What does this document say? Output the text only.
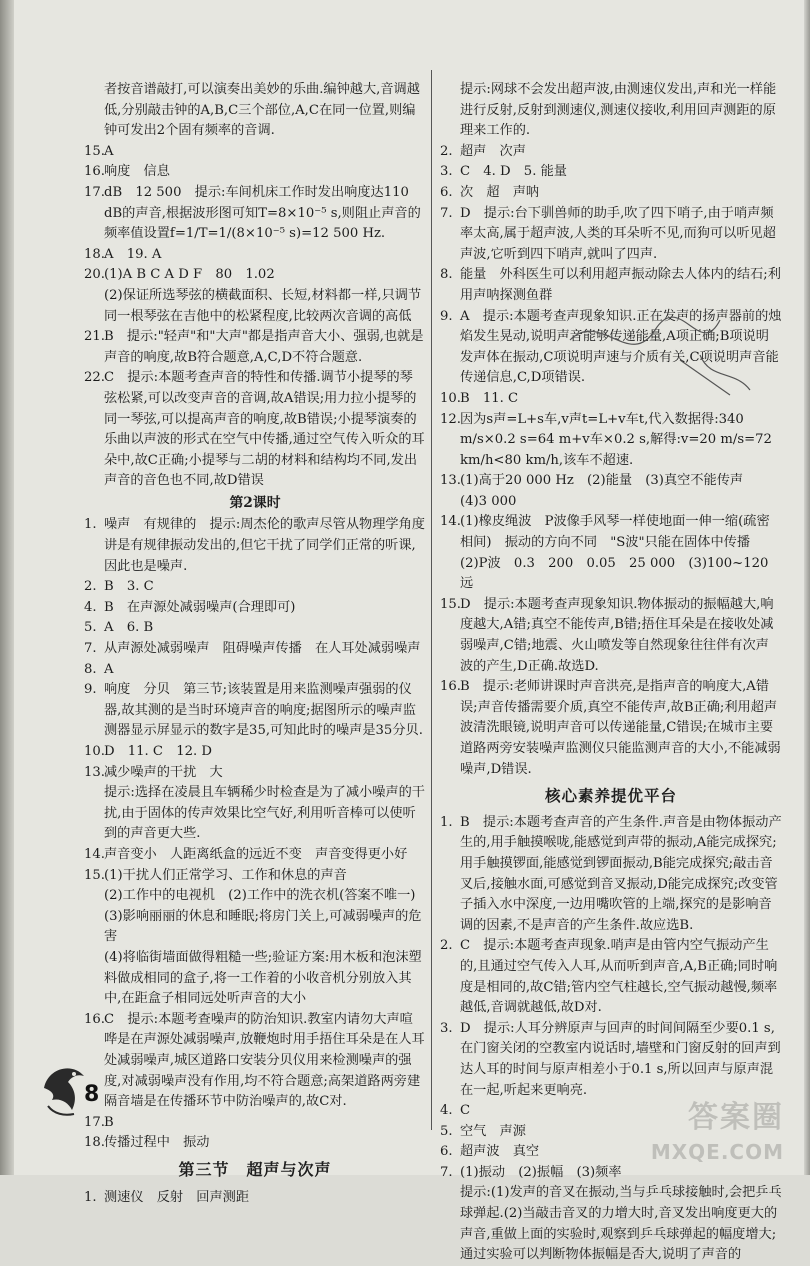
者按音谱敲打,可以演奏出美妙的乐曲.编钟越大,音调越低,分别敲击钟的A,B,C三个部位,A,C在同一位置,则编钟可发出2个固有频率的音调.
15. A
16. 响度　信息
17. dB　12 500　提示:车间机床工作时发出响度达110 dB的声音,根据波形图可知T=8×10⁻⁵ s,则阻止声音的频率值设置f=1/T=1/(8×10⁻⁵ s)=12 500 Hz.
18. A　19. A
20. (1)A B C A D F　80　1.02
(2)保证所选琴弦的横截面积、长短,材料都一样,只调节同一根琴弦在吉他中的松紧程度,比较两次音调的高低
21. B　提示:"轻声"和"大声"都是指声音大小、强弱,也就是声音的响度,故B符合题意,A,C,D不符合题意.
22. C　提示:本题考查声音的特性和传播.调节小提琴的琴弦松紧,可以改变声音的音调,故A错误;用力拉小提琴的同一琴弦,可以提高声音的响度,故B错误;小提琴演奏的乐曲以声波的形式在空气中传播,通过空气传入听众的耳朵中,故C正确;小提琴与二胡的材料和结构均不同,发出声音的音色也不同,故D错误
第2课时
1. 噪声　有规律的　提示:周杰伦的歌声尽管从物理学角度讲是有规律振动发出的,但它干扰了同学们正常的听课,因此也是噪声.
2. B　3. C
4. B　在声源处减弱噪声(合理即可)
5. A　6. B
7. 从声源处减弱噪声　阻碍噪声传播　在人耳处减弱噪声
8. A
9. 响度　分贝　第三节;该装置是用来监测噪声强弱的仪器,故其测的是当时环境声音的响度;据图所示的噪声监测器显示屏显示的数字是35,可知此时的噪声是35分贝.
10. D　11. C　12. D
13. 减少噪声的干扰　大
提示:选择在凌晨且车辆稀少时检查是为了减小噪声的干扰,由于固体的传声效果比空气好,利用听音棒可以使听到的声音更大些.
14. 声音变小　人距离纸盒的远近不变　声音变得更小好
15. (1)干扰人们正常学习、工作和休息的声音
(2)工作中的电视机　(2)工作中的洗衣机(答案不唯一)
(3)影响丽丽的休息和睡眠;将房门关上,可减弱噪声的危害
(4)将临街墙面做得粗糙一些;验证方案:用木板和泡沫塑料做成相同的盒子,将一工作着的小收音机分别放入其中,在距盒子相同远处听声音的大小
16. C　提示:本题考查噪声的防治知识.教室内请勿大声喧哗是在声源处减弱噪声,放鞭炮时用手捂住耳朵是在人耳处减弱噪声,城区道路口安装分贝仪用来检测噪声的强度,对减弱噪声没有作用,均不符合题意;高架道路两旁建隔音墙是在传播环节中防治噪声的,故C对.
17. B
18. 传播过程中　振动
第三节　超声与次声
1. 测速仪　反射　回声测距
提示:网球不会发出超声波,由测速仪发出,声和光一样能进行反射,反射到测速仪,测速仪接收,利用回声测距的原理来工作的.
2. 超声　次声
3. C　4. D　5. 能量
6. 次　超　声呐
7. D　提示:台下驯兽师的助手,吹了四下哨子,由于哨声频率太高,属于超声波,人类的耳朵听不见,而狗可以听见超声波,它听到四下哨声,就叫了四声.
8. 能量　外科医生可以利用超声振动除去人体内的结石;利用声呐探测鱼群
9. A　提示:本题考查声现象知识.正在发声的扬声器前的烛焰发生晃动,说明声音能够传递能量,A项正确;B项说明发声体在振动,C项说明声速与介质有关,C项说明声音能传递信息,C,D项错误.
10. B　11. C
12. 因为s声=L+s车,v声t=L+v车t,代入数据得:340 m/s×0.2 s=64 m+v车×0.2 s,解得:v=20 m/s=72 km/h<80 km/h,该车不超速.
13. (1)高于20 000 Hz　(2)能量　(3)真空不能传声　(4)3 000
14. (1)橡皮绳波　P波像手风琴一样使地面一伸一缩(疏密相间)　振动的方向不同　"S波"只能在固体中传播　(2)P波　0.3　200　0.05　25 000　(3)100~120　远
15. D　提示:本题考查声现象知识.物体振动的振幅越大,响度越大,A错;真空不能传声,B错;捂住耳朵是在接收处减弱噪声,C错;地震、火山喷发等自然现象往往伴有次声波的产生,D正确.故选D.
16. B　提示:老师讲课时声音洪亮,是指声音的响度大,A错误;声音传播需要介质,真空不能传声,故B正确;利用超声波清洗眼镜,说明声音可以传递能量,C错误;在城市主要道路两旁安装噪声监测仪只能监测声音的大小,不能减弱噪声,D错误.
核心素养提优平台
1. B　提示:本题考查声音的产生条件.声音是由物体振动产生的,用手触摸喉咙,能感觉到声带的振动,A能完成探究;用手触摸锣面,能感觉到锣面振动,B能完成探究;敲击音叉后,接触水面,可感觉到音叉振动,D能完成探究;改变管子插入水中深度,一边用嘴吹管的上端,探究的是影响音调的因素,不是声音的产生条件.故应选B.
2. C　提示:本题考查声现象.哨声是由管内空气振动产生的,且通过空气传入人耳,从而听到声音,A,B正确;同时响度是相同的,故C错;管内空气柱越长,空气振动越慢,频率越低,音调就越低,故D对.
3. D　提示:人耳分辨原声与回声的时间间隔至少要0.1 s,在门窗关闭的空教室内说话时,墙壁和门窗反射的回声到达人耳的时间与原声相差小于0.1 s,所以回声与原声混在一起,听起来更响亮.
4. C
5. 空气　声源
6. 超声波　真空
7. (1)振动　(2)振幅　(3)频率
提示:(1)发声的音叉在振动,当与乒乓球接触时,会把乒乓球弹起.(2)当敲击音叉的力增大时,音叉发出响度更大的声音,重做上面的实验时,观察到乒乓球弹起的幅度增大;通过实验可以判断物体振幅是否大,说明了声音的
8
答案圈
MXQE.COM
